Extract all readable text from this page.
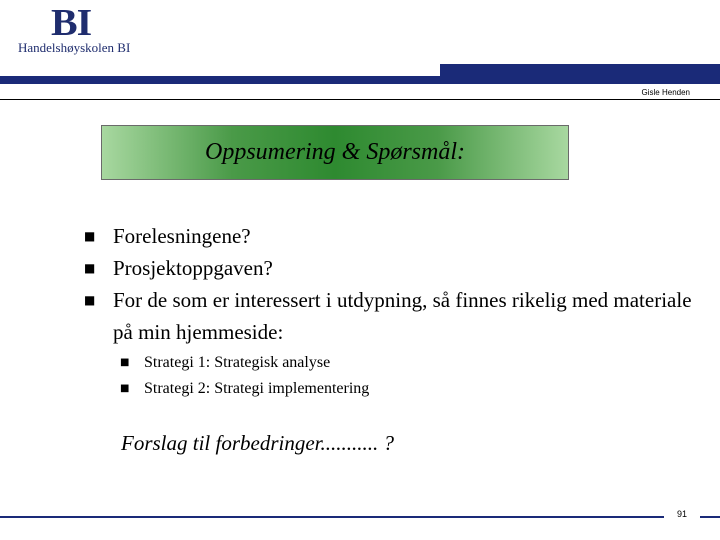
BI
Handelshøyskolen BI
Gisle Henden
Oppsumering & Spørsmål:
■ Forelesningene?
■ Prosjektoppgaven?
■ For de som er interessert i utdypning, så finnes rikelig med materiale på min hjemmeside:
■ Strategi 1: Strategisk analyse
■ Strategi 2: Strategi implementering
Forslag til forbedringer........... ?
91
